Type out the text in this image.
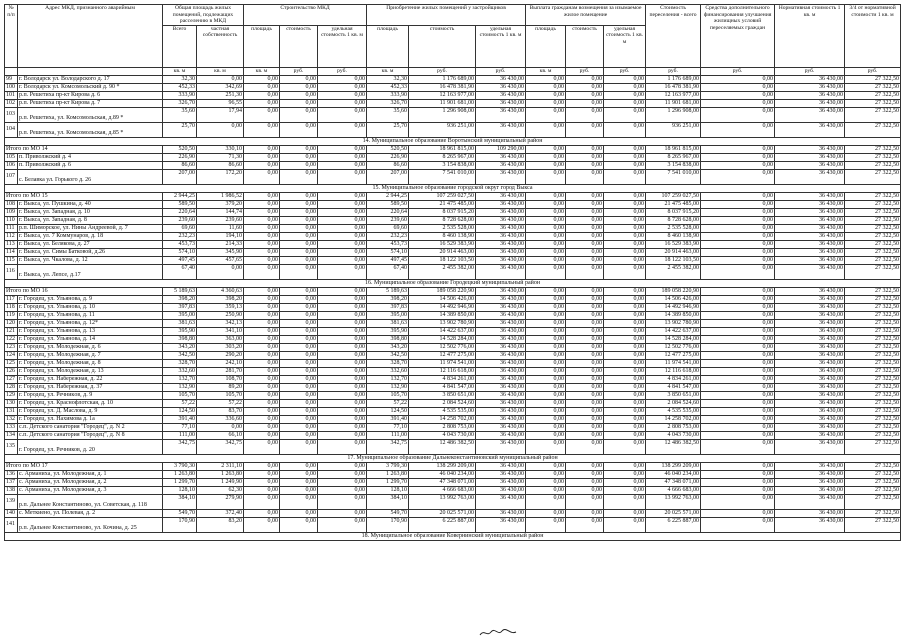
№ п/п	Адрес МКД, признанного аварийным	Общая площадь жилых помещений, подлежащих расселению в МКД		Строительство МКД			Приобретение жилых помещений у застройщиков			Выплата гражданам возмещения за изымаемое жилое помещение			Стоимость переселения - всего	Средства дополнительного финансирования улучшения жилищных условий переселяемых граждан	Нормативная стоимость 1 кв. м	3/4 от нормативной стоимости 1 кв. м
		Всего	частная собственность	площадь	стоимость	удельная стоимость 1 кв. м	площадь	стоимость	удельная стоимость 1 кв. м	площадь	стоимость	удельная стоимость 1 кв. м				
		кв. м	кв. м	кв. м	руб.	руб.	кв. м	руб.	руб.	кв. м	руб.	руб.	руб.	руб.	руб.	руб.
99	г. Володарск ул. Володарского д. 17	32,30	0,00	0,00	0,00	0,00	32,30	1 176 689,00	36 430,00	0,00	0,00	0,00	1 176 689,00	0,00	36 430,00	27 322,50
100	г. Володарск ул. Комсомольский д. 90 *	452,33	342,69	0,00	0,00	0,00	452,33	16 478 381,90	36 430,00	0,00	0,00	0,00	16 478 381,90	0,00	36 430,00	27 322,50
101	р.п. Решетиха пр-кт Кирова д. 6	333,90	251,30	0,00	0,00	0,00	333,90	12 163 977,00	36 430,00	0,00	0,00	0,00	12 163 977,00	0,00	36 430,00	27 322,50
102	р.п. Решетиха пр-кт Кирова д. 7	326,70	96,55	0,00	0,00	0,00	326,70	11 901 681,00	36 430,00	0,00	0,00	0,00	11 901 681,00	0,00	36 430,00	27 322,50
103	р.п. Решетиха, ул. Комсомольская, д.89 *	35,60	17,94	0,00	0,00	0,00	35,60	1 296 908,00	36 430,00	0,00	0,00	0,00	1 296 908,00	0,00	36 430,00	27 322,50
104	р.п. Решетиха, ул. Комсомольская, д.85 *	25,70	0,00	0,00	0,00	0,00	25,70	936 251,00	36 430,00	0,00	0,00	0,00	936 251,00	0,00	36 430,00	27 322,50
14. Муниципальное образование Воротынский муниципальный район																
Итого по МО 14		520,50	330,10	0,00	0,00	0,00	520,50	18 961 815,00	109 290,00	0,00	0,00	0,00	18 961 815,00	0,00	36 430,00	27 322,50
105	п. Приволжский д. 4	226,90	71,30	0,00	0,00	0,00	226,90	8 265 967,00	36 430,00	0,00	0,00	0,00	8 265 967,00	0,00	36 430,00	27 322,50
106	п. Приволжский д. 6	86,60	86,60	0,00	0,00	0,00	86,60	3 154 838,00	36 430,00	0,00	0,00	0,00	3 154 838,00	0,00	36 430,00	27 322,50
107	с. Белавка ул. Горького д. 26	207,00	172,20	0,00	0,00	0,00	207,00	7 541 010,00	36 430,00	0,00	0,00	0,00	7 541 010,00	0,00	36 430,00	27 322,50
15. Муниципальное образование городской округ город Выкса																
Итого по МО 15		2 944,25	1 986,52	0,00	0,00	0,00	2 944,25	107 259 027,50	36 430,00	0,00	0,00	0,00	107 259 027,50	0,00	36 430,00	27 322,50
108	г. Выкса, ул. Пушкина, д. 40	589,50	379,20	0,00	0,00	0,00	589,50	21 475 485,00	36 430,00	0,00	0,00	0,00	21 475 485,00	0,00	36 430,00	27 322,50
109	г. Выкса, ул. Западная, д. 10	220,64	144,74	0,00	0,00	0,00	220,64	8 037 915,20	36 430,00	0,00	0,00	0,00	8 037 915,20	0,00	36 430,00	27 322,50
110	г. Выкса, ул. Западная, д. 8	239,60	239,60	0,00	0,00	0,00	239,60	8 728 628,00	36 430,00	0,00	0,00	0,00	8 728 628,00	0,00	36 430,00	27 322,50
111	р.п. Шиморское, ул. Нины Андреевой, д. 7	69,60	11,60	0,00	0,00	0,00	69,60	2 535 528,00	36 430,00	0,00	0,00	0,00	2 535 528,00	0,00	36 430,00	27 322,50
112	г. Выкса, ул. 7 Коммунаров, д. 18	232,23	194,10	0,00	0,00	0,00	232,23	8 460 138,90	36 430,00	0,00	0,00	0,00	8 460 138,90	0,00	36 430,00	27 322,50
113	г. Выкса, ул. Белякова, д. 27	453,73	214,33	0,00	0,00	0,00	453,73	16 529 383,90	36 430,00	0,00	0,00	0,00	16 529 383,90	0,00	36 430,00	27 322,50
114	г. Выкса, ул. Симы Батковой, д.26	574,10	345,90	0,00	0,00	0,00	574,10	20 914 463,00	36 430,00	0,00	0,00	0,00	20 914 463,00	0,00	36 430,00	27 322,50
115	г. Выкса, ул. Чкалова, д. 12	497,45	457,65	0,00	0,00	0,00	497,45	18 122 103,50	36 430,00	0,00	0,00	0,00	18 122 103,50	0,00	36 430,00	27 322,50
116	г. Выкса, ул. Лепсе, д.17	67,40	0,00	0,00	0,00	0,00	67,40	2 455 382,00	36 430,00	0,00	0,00	0,00	2 455 382,00	0,00	36 430,00	27 322,50
16. Муниципальное образование Городецкий муниципальный район																
Итого по МО 16		5 189,63	4 360,63	0,00	0,00	0,00	5 189,63	189 058 220,90	36 430,00	0,00	0,00	0,00	189 058 220,90	0,00	36 430,00	27 322,50
117	г. Городец, ул. Ульянова, д. 9	398,20	398,20	0,00	0,00	0,00	398,20	14 506 426,00	36 430,00	0,00	0,00	0,00	14 506 426,00	0,00	36 430,00	27 322,50
118	г. Городец, ул. Ульянова, д. 10	397,83	359,13	0,00	0,00	0,00	397,83	14 492 946,90	36 430,00	0,00	0,00	0,00	14 492 946,90	0,00	36 430,00	27 322,50
119	г. Городец, ул. Ульянова, д. 11	395,00	250,90	0,00	0,00	0,00	395,00	14 389 850,00	36 430,00	0,00	0,00	0,00	14 389 850,00	0,00	36 430,00	27 322,50
120	г. Городец, ул. Ульянова, д. 12*	381,63	342,13	0,00	0,00	0,00	381,63	13 902 780,90	36 430,00	0,00	0,00	0,00	13 902 780,90	0,00	36 430,00	27 322,50
121	г. Городец, ул. Ульянова, д. 13	395,90	341,10	0,00	0,00	0,00	395,90	14 422 637,00	36 430,00	0,00	0,00	0,00	14 422 637,00	0,00	36 430,00	27 322,50
122	г. Городец, ул. Ульянова, д. 14	398,80	363,00	0,00	0,00	0,00	398,80	14 528 284,00	36 430,00	0,00	0,00	0,00	14 528 284,00	0,00	36 430,00	27 322,50
123	г. Городец, ул. Молодежная, д. 6	343,20	303,20	0,00	0,00	0,00	343,20	12 502 776,00	36 430,00	0,00	0,00	0,00	12 502 776,00	0,00	36 430,00	27 322,50
124	г. Городец, ул. Молодежная, д. 7	342,50	290,20	0,00	0,00	0,00	342,50	12 477 275,00	36 430,00	0,00	0,00	0,00	12 477 275,00	0,00	36 430,00	27 322,50
125	г. Городец, ул. Молодежная, д. 8	328,70	242,10	0,00	0,00	0,00	328,70	11 974 541,00	36 430,00	0,00	0,00	0,00	11 974 541,00	0,00	36 430,00	27 322,50
126	г. Городец, ул. Молодежная, д. 13	332,60	281,70	0,00	0,00	0,00	332,60	12 116 618,00	36 430,00	0,00	0,00	0,00	12 116 618,00	0,00	36 430,00	27 322,50
127	г. Городец, ул. Набережная, д. 22	132,70	108,70	0,00	0,00	0,00	132,70	4 834 261,00	36 430,00	0,00	0,00	0,00	4 834 261,00	0,00	36 430,00	27 322,50
128	г. Городец, ул. Набережная, д. 37	132,90	89,20	0,00	0,00	0,00	132,90	4 841 547,00	36 430,00	0,00	0,00	0,00	4 841 547,00	0,00	36 430,00	27 322,50
129	г. Городец, ул. Речникoв, д. 9	105,70	105,70	0,00	0,00	0,00	105,70	3 850 651,00	36 430,00	0,00	0,00	0,00	3 850 651,00	0,00	36 430,00	27 322,50
130	г. Городец, ул. Краснофлотская, д. 10	57,22	57,22	0,00	0,00	0,00	57,22	2 084 524,60	36 430,00	0,00	0,00	0,00	2 084 524,60	0,00	36 430,00	27 322,50
131	г. Городец, ул. Д. Маслова, д. 9	124,50	83,70	0,00	0,00	0,00	124,50	4 535 535,00	36 430,00	0,00	0,00	0,00	4 535 535,00	0,00	36 430,00	27 322,50
132	г. Городец, ул. Нахимова д. 1а	391,40	336,60	0,00	0,00	0,00	391,40	14 258 702,00	36 430,00	0,00	0,00	0,00	14 258 702,00	0,00	36 430,00	27 322,50
133	с.п. Детского санатория "Городец", д. N 2	77,10	0,00	0,00	0,00	0,00	77,10	2 808 753,00	36 430,00	0,00	0,00	0,00	2 808 753,00	0,00	36 430,00	27 322,50
134	с.п. Детского санатория "Городец", д. N 8	111,00	66,10	0,00	0,00	0,00	111,00	4 043 730,00	36 430,00	0,00	0,00	0,00	4 043 730,00	0,00	36 430,00	27 322,50
135	г. Городец, ул. Речников, д. 20	342,75	342,75	0,00	0,00	0,00	342,75	12 486 382,50	36 430,00	0,00	0,00	0,00	12 486 382,50	0,00	36 430,00	27 322,50
17. Муниципальное образование Дальнеконстантиновский муниципальный район																
Итого по МО 17		3 790,30	2 311,10	0,00	0,00	0,00	3 799,30	138 299 209,00	36 430,00	0,00	0,00	0,00	138 299 209,00	0,00	36 430,00	27 322,50
136	с. Арманиха, ул. Молодежная, д. 1	1 263,80	1 263,80	0,00	0,00	0,00	1 263,80	46 040 234,00	36 430,00	0,00	0,00	0,00	46 040 234,00	0,00	36 430,00	27 322,50
137	с. Арманиха, ул. Молодежная, д. 2	1 299,70	1 249,90	0,00	0,00	0,00	1 299,70	47 348 071,00	36 430,00	0,00	0,00	0,00	47 348 071,00	0,00	36 430,00	27 322,50
138	с. Арманиха, ул. Молодежная, д. 3	128,10	62,30	0,00	0,00	0,00	128,10	4 666 683,00	36 430,00	0,00	0,00	0,00	4 666 683,00	0,00	36 430,00	27 322,50
139	р.п. Дальнее Константиново, ул. Советская, д. 118	384,10	279,90	0,00	0,00	0,00	384,10	13 992 763,00	36 430,00	0,00	0,00	0,00	13 992 763,00	0,00	36 430,00	27 322,50
140	с. Меткиено, ул. Полевая, д. 2	549,70	372,40	0,00	0,00	0,00	549,70	20 025 571,00	36 430,00	0,00	0,00	0,00	20 025 571,00	0,00	36 430,00	27 322,50
141	р.п. Дальнее Константиново, ул. Кочина, д. 25	170,90	83,20	0,00	0,00	0,00	170,90	6 225 887,00	36 430,00	0,00	0,00	0,00	6 225 887,00	0,00	36 430,00	27 322,50
18. Муниципальное образование Ковернинский муниципальный район																
